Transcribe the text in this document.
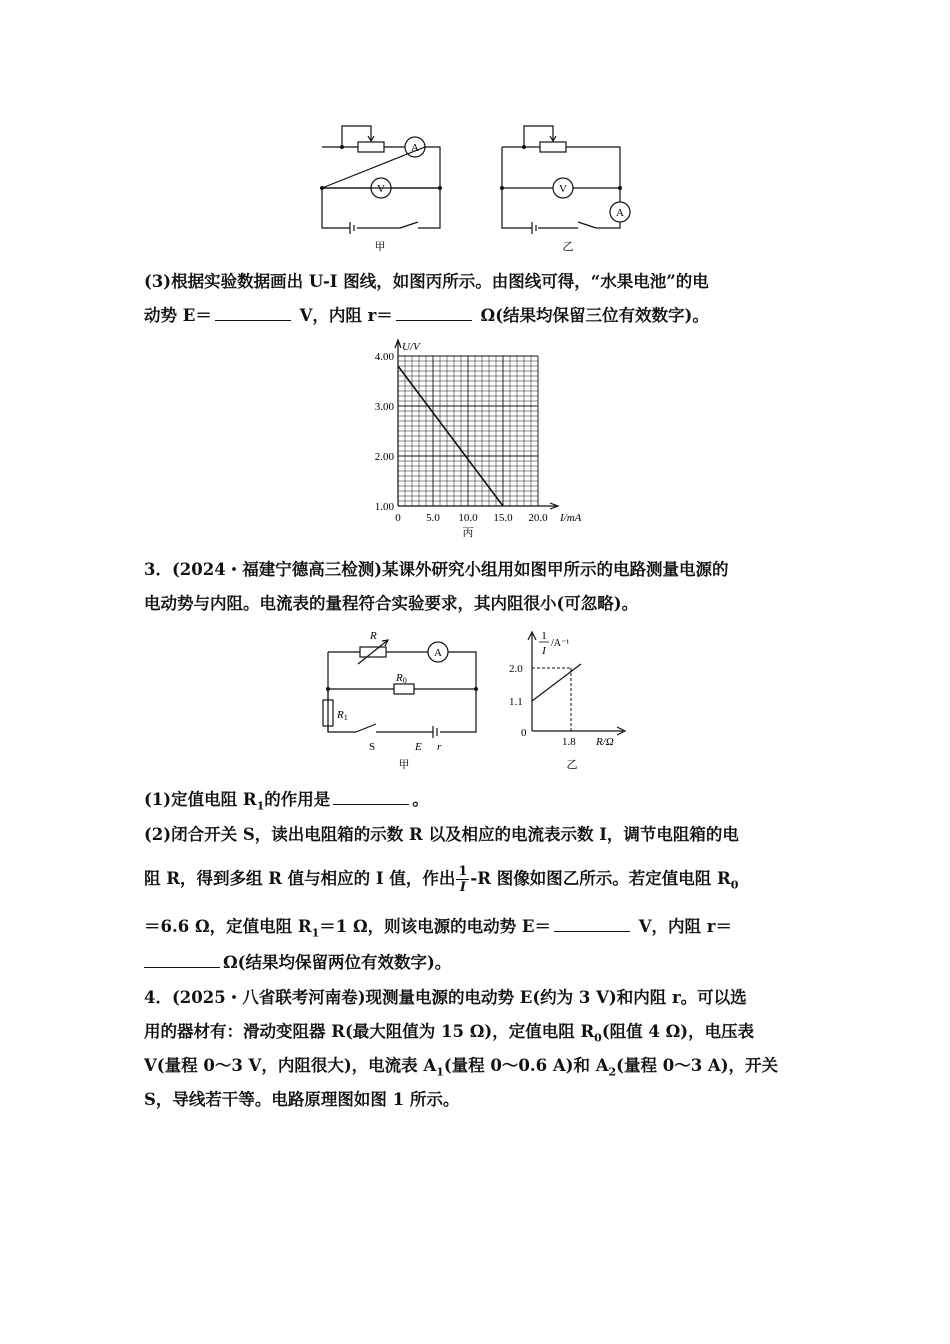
A
V
A
V
甲	乙
(3)根据实验数据画出 U-I 图线，如图丙所示。由图线可得，“水果电池”的电
动势 E＝	V，内阻 r＝	Ω(结果均保留三位有效数字)。
1.00
2.00
3.00
4.00
0 5.0 10.0 15.0 20.0
U/V
I/mA
丙
3．(2024・福建宁德高三检测)某课外研究小组用如图甲所示的电路测量电源的
电动势与内阻。电流表的量程符合实验要求，其内阻很小(可忽略)。
R
A
R0
R1
S	E r
甲
1
I
/A⁻¹
2.0
1.1
0
1.8 R/Ω
乙
(1)定值电阻 $R_1$的作用是	。
(2)闭合开关 S，读出电阻箱的示数 R 以及相应的电流表示数 I，调节电阻箱的电
阻 R，得到多组 R 值与相应的 I 值，作出 $\frac{1}{I} -R$ 图像如图乙所示。若定值电阻 $R_0$
＝6.6 Ω，定值电阻 $R_1=1$ Ω，则该电源的电动势 E＝	V，内阻 r＝
Ω(结果均保留两位有效数字)。
4．(2025・八省联考河南卷)现测量电源的电动势 E(约为 3 V)和内阻 r。可以选
用的器材有：滑动变阻器 R(最大阻值为 15 Ω)，定值电阻 $R_0$(阻值 4 Ω)，电压表
V(量程 0～3 V，内阻很大)，电流表 $A_1$(量程 0～0.6 A)和 $A_2$(量程 0～3 A)，开关
S，导线若干等。电路原理图如图 1 所示。
